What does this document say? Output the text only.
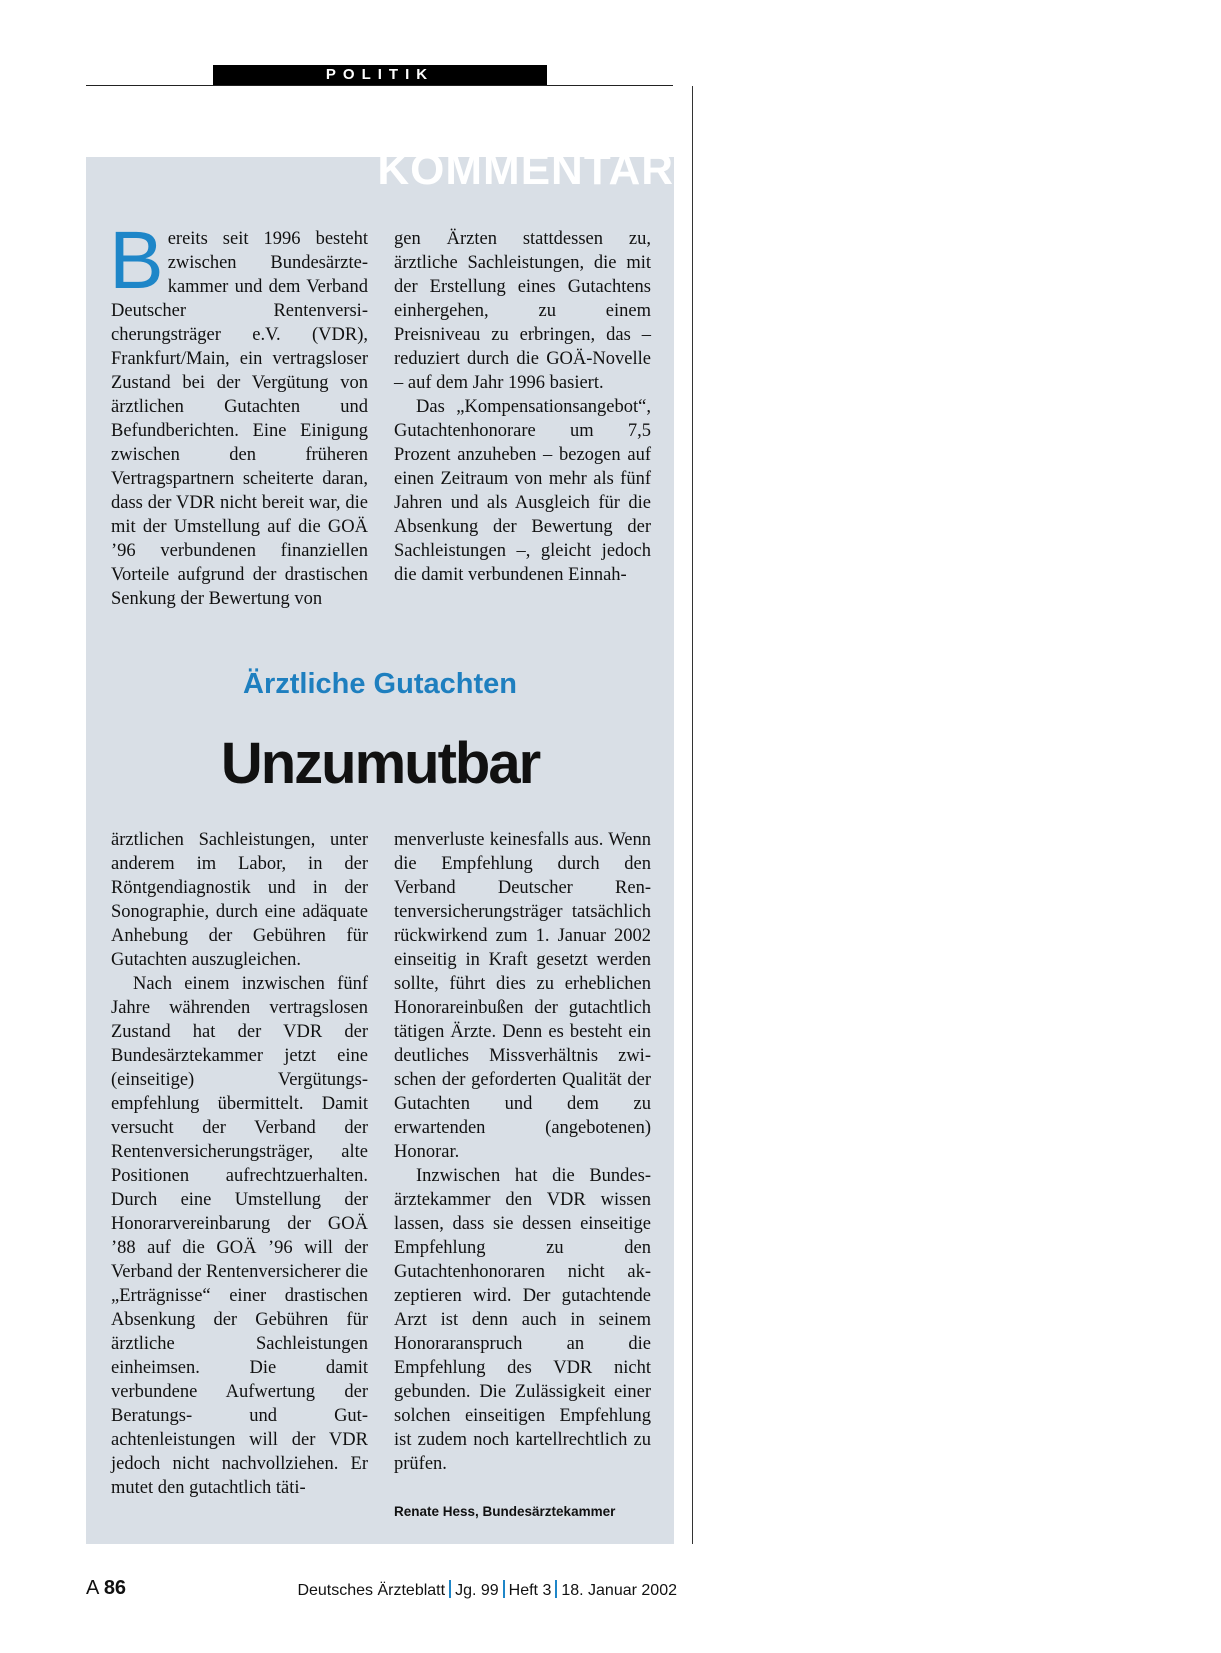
POLITIK
KOMMENTAR

Bereits seit 1996 besteht zwischen Bundesärztekammer und dem Verband Deutscher Rentenversicherungsträger e.V. (VDR), Frankfurt/Main, ein vertragsloser Zustand bei der Vergütung von ärztlichen Gutachten und Befundberichten. Eine Einigung zwischen den früheren Vertragspartnern scheiterte daran, dass der VDR nicht bereit war, die mit der Umstellung auf die GOÄ ’96 verbundenen finanziellen Vorteile aufgrund der drastischen Senkung der Bewertung von

gen Ärzten stattdessen zu, ärztliche Sachleistungen, die mit der Erstellung eines Gutachtens einhergehen, zu einem Preisniveau zu erbringen, das – reduziert durch die GOÄ-Novelle – auf dem Jahr 1996 basiert.

Das „Kompensationsangebot“, Gutachtenhonorare um 7,5 Prozent anzuheben – bezogen auf einen Zeitraum von mehr als fünf Jahren und als Ausgleich für die Absenkung der Bewertung der Sachleistungen –, gleicht jedoch die damit verbundenen Einnah-

Ärztliche Gutachten
Unzumutbar

ärztlichen Sachleistungen, unter anderem im Labor, in der Röntgendiagnostik und in der Sonographie, durch eine adäquate Anhebung der Gebühren für Gutachten auszugleichen.

Nach einem inzwischen fünf Jahre währenden vertragslosen Zustand hat der VDR der Bundesärztekammer jetzt eine (einseitige) Vergütungsempfehlung übermittelt. Damit versucht der Verband der Rentenversicherungsträger, alte Positionen aufrechtzuerhalten. Durch eine Umstellung der Honorarvereinbarung der GOÄ ’88 auf die GOÄ ’96 will der Verband der Rentenversicherer die „Erträgnisse“ einer drastischen Absenkung der Gebühren für ärztliche Sachleistungen einheimsen. Die damit verbundene Aufwertung der Beratungs- und Gutachtenleistungen will der VDR jedoch nicht nachvollziehen. Er mutet den gutachtlich täti-

menverluste keinesfalls aus. Wenn die Empfehlung durch den Verband Deutscher Rentenversicherungsträger tatsächlich rückwirkend zum 1. Januar 2002 einseitig in Kraft gesetzt werden sollte, führt dies zu erheblichen Honorareinbußen der gutachtlich tätigen Ärzte. Denn es besteht ein deutliches Missverhältnis zwischen der geforderten Qualität der Gutachten und dem zu erwartenden (angebotenen) Honorar.

Inzwischen hat die Bundesärztekammer den VDR wissen lassen, dass sie dessen einseitige Empfehlung zu den Gutachtenhonoraren nicht akzeptieren wird. Der gutachtende Arzt ist denn auch in seinem Honoraranspruch an die Empfehlung des VDR nicht gebunden. Die Zulässigkeit einer solchen einseitigen Empfehlung ist zudem noch kartellrechtlich zu prüfen.

Renate Hess, Bundesärztekammer
A 86	Deutsches Ärzteblatt Jg. 99 Heft 3 18. Januar 2002
